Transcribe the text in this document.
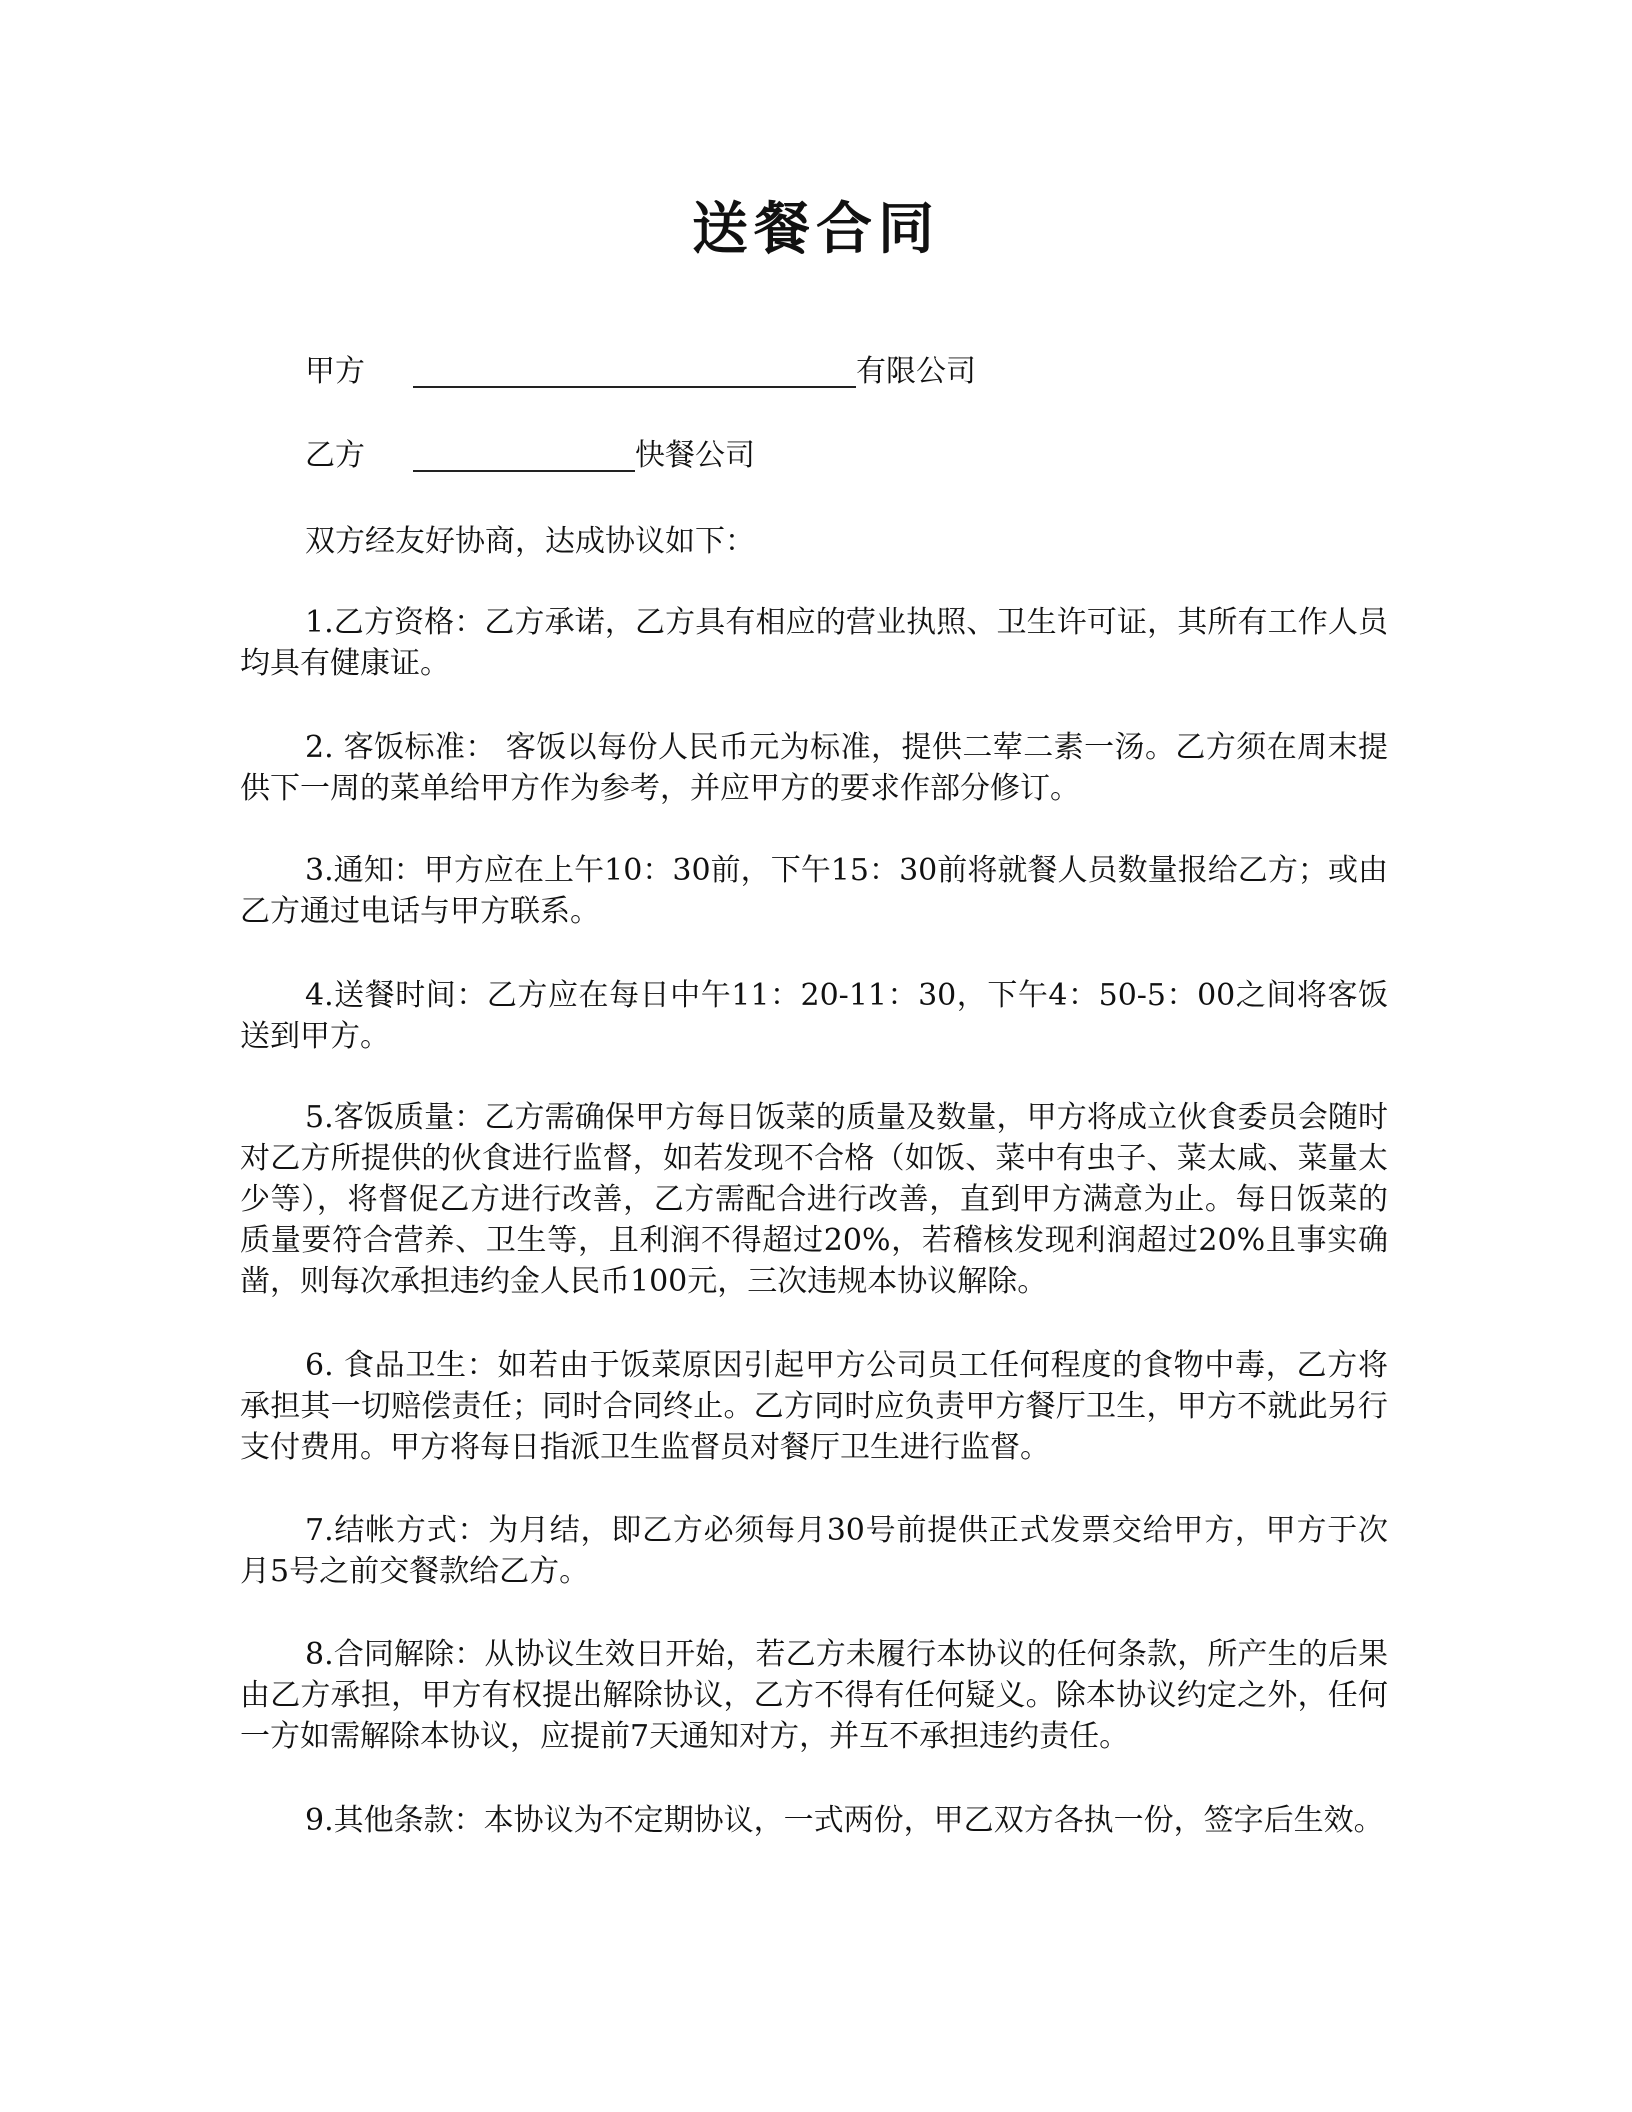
送餐合同
甲方	有限公司
乙方	快餐公司
双方经友好协商，达成协议如下：
1.乙方资格：乙方承诺，乙方具有相应的营业执照、卫生许可证，其所有工作人员均具有健康证。
2. 客饭标准： 客饭以每份人民币元为标准，提供二荤二素一汤。乙方须在周末提供下一周的菜单给甲方作为参考，并应甲方的要求作部分修订。
3.通知：甲方应在上午10：30前，下午15：30前将就餐人员数量报给乙方；或由乙方通过电话与甲方联系。
4.送餐时间：乙方应在每日中午11：20-11：30，下午4：50-5：00之间将客饭送到甲方。
5.客饭质量：乙方需确保甲方每日饭菜的质量及数量，甲方将成立伙食委员会随时对乙方所提供的伙食进行监督，如若发现不合格（如饭、菜中有虫子、菜太咸、菜量太少等），将督促乙方进行改善，乙方需配合进行改善，直到甲方满意为止。每日饭菜的质量要符合营养、卫生等，且利润不得超过20%，若稽核发现利润超过20%且事实确凿，则每次承担违约金人民币100元，三次违规本协议解除。
6. 食品卫生：如若由于饭菜原因引起甲方公司员工任何程度的食物中毒，乙方将承担其一切赔偿责任；同时合同终止。乙方同时应负责甲方餐厅卫生，甲方不就此另行支付费用。甲方将每日指派卫生监督员对餐厅卫生进行监督。
7.结帐方式：为月结，即乙方必须每月30号前提供正式发票交给甲方，甲方于次月5号之前交餐款给乙方。
8.合同解除：从协议生效日开始，若乙方未履行本协议的任何条款，所产生的后果由乙方承担，甲方有权提出解除协议，乙方不得有任何疑义。除本协议约定之外，任何一方如需解除本协议，应提前7天通知对方，并互不承担违约责任。
9.其他条款：本协议为不定期协议，一式两份，甲乙双方各执一份，签字后生效。
